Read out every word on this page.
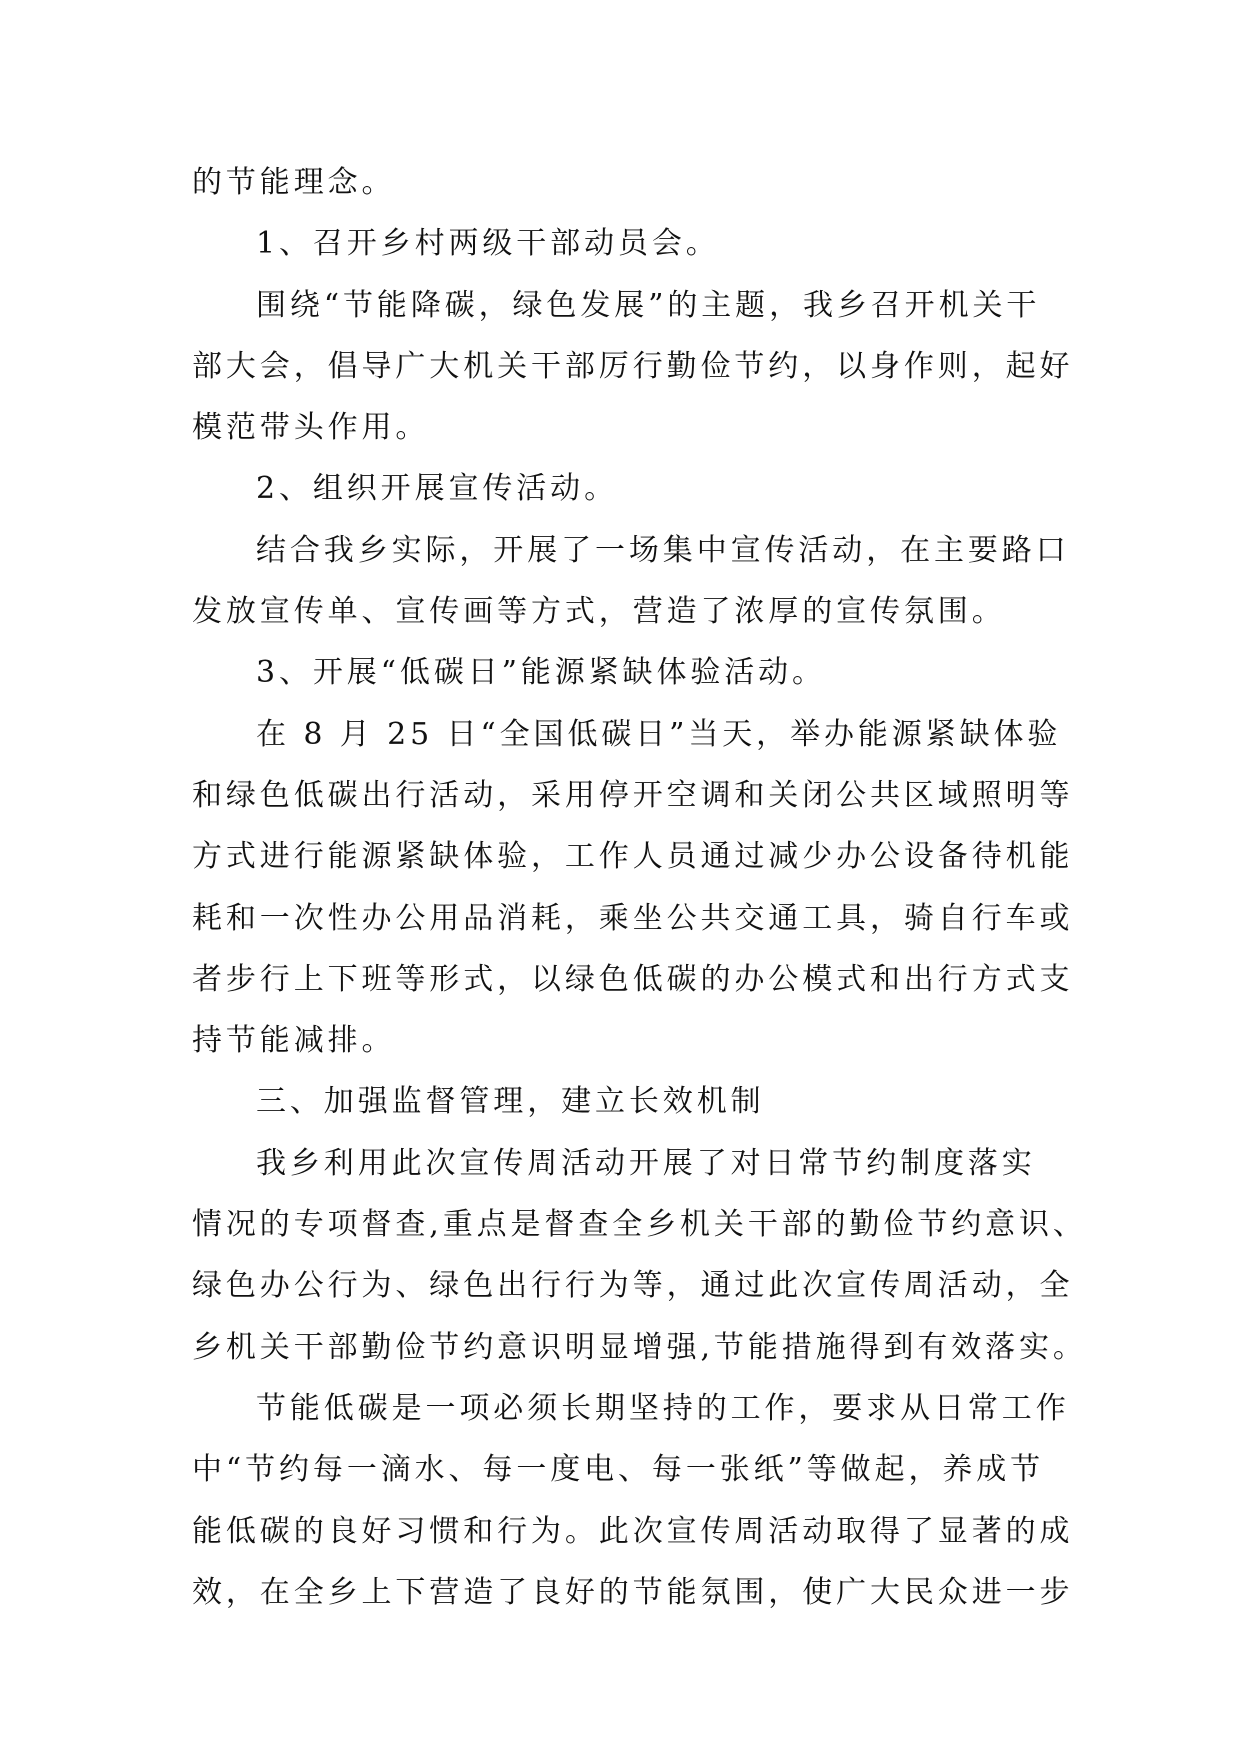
的节能理念。
1、召开乡村两级干部动员会。
围绕“节能降碳，绿色发展”的主题，我乡召开机关干
部大会，倡导广大机关干部厉行勤俭节约，以身作则，起好
模范带头作用。
2、组织开展宣传活动。
结合我乡实际，开展了一场集中宣传活动，在主要路口
发放宣传单、宣传画等方式，营造了浓厚的宣传氛围。
3、开展“低碳日”能源紧缺体验活动。
在 8 月 25 日“全国低碳日”当天，举办能源紧缺体验
和绿色低碳出行活动，采用停开空调和关闭公共区域照明等
方式进行能源紧缺体验，工作人员通过减少办公设备待机能
耗和一次性办公用品消耗，乘坐公共交通工具，骑自行车或
者步行上下班等形式，以绿色低碳的办公模式和出行方式支
持节能减排。
三、加强监督管理，建立长效机制
我乡利用此次宣传周活动开展了对日常节约制度落实
情况的专项督查,重点是督查全乡机关干部的勤俭节约意识、
绿色办公行为、绿色出行行为等，通过此次宣传周活动，全
乡机关干部勤俭节约意识明显增强,节能措施得到有效落实。
节能低碳是一项必须长期坚持的工作，要求从日常工作
中“节约每一滴水、每一度电、每一张纸”等做起，养成节
能低碳的良好习惯和行为。此次宣传周活动取得了显著的成
效，在全乡上下营造了良好的节能氛围，使广大民众进一步
